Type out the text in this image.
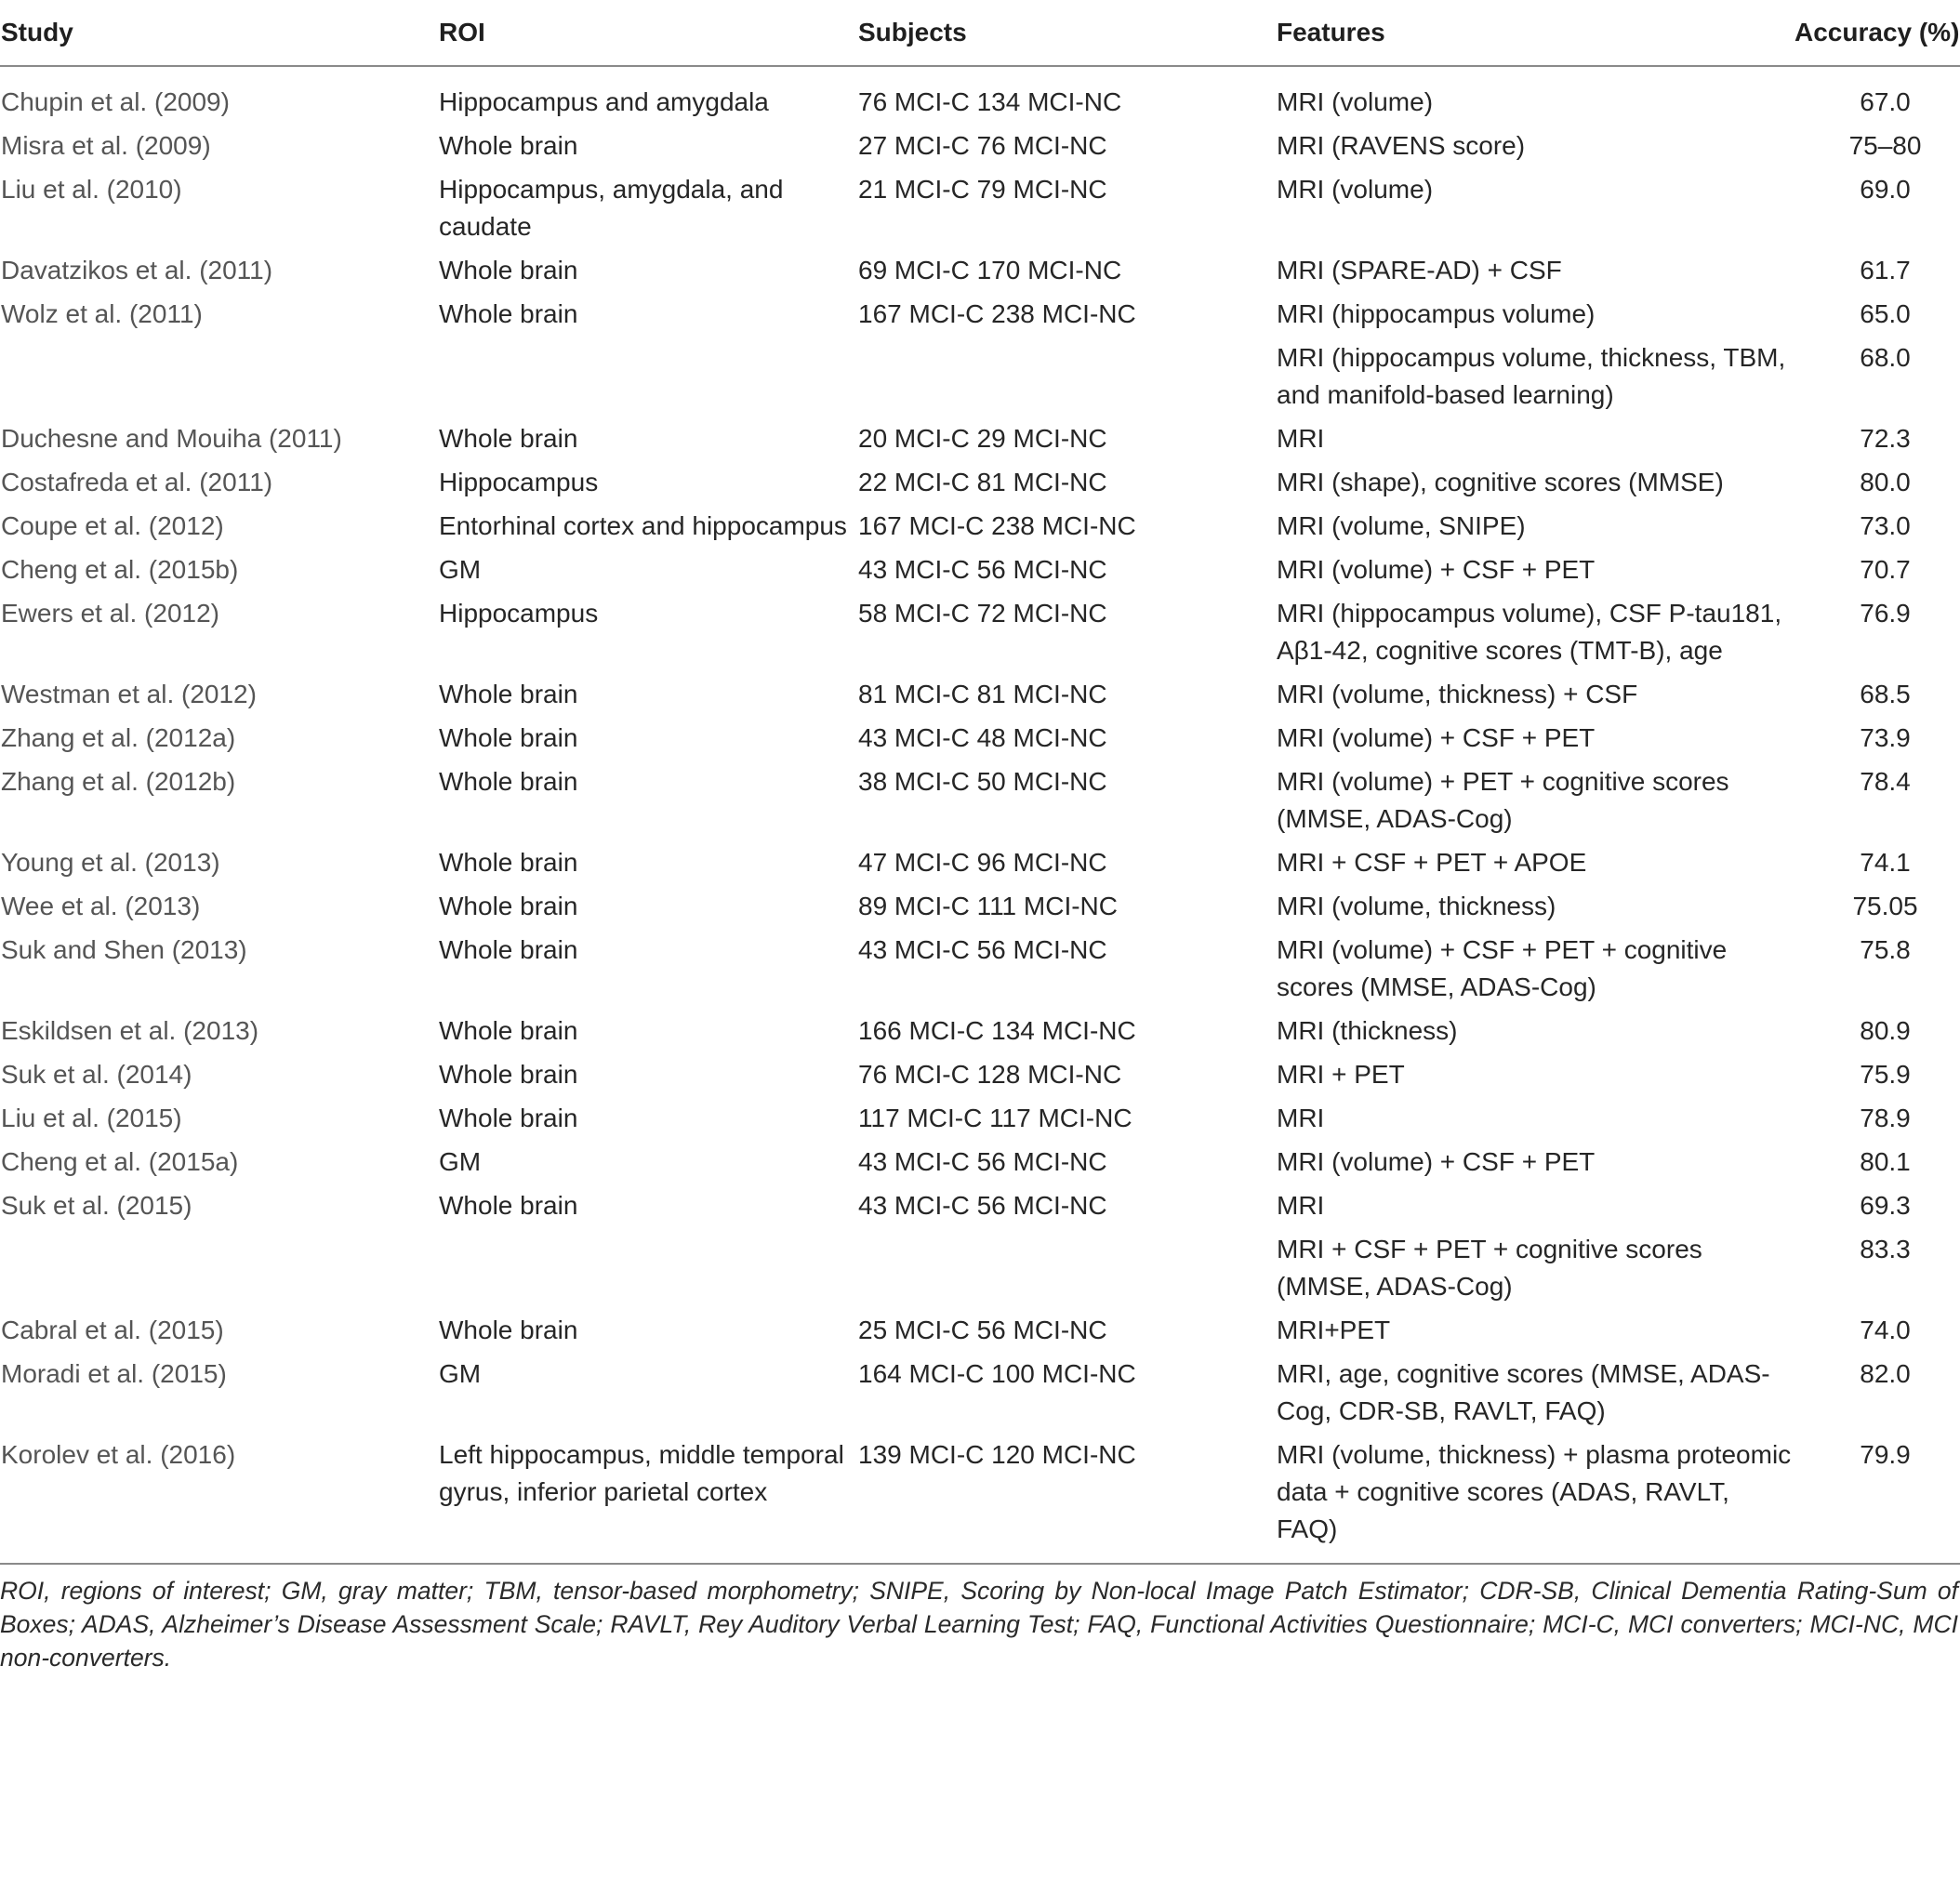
Study	ROI	Subjects	Features	Accuracy (%)
Chupin et al. (2009)	Hippocampus and amygdala	76 MCI-C 134 MCI-NC	MRI (volume)	67.0
Misra et al. (2009)	Whole brain	27 MCI-C 76 MCI-NC	MRI (RAVENS score)	75–80
Liu et al. (2010)	Hippocampus, amygdala, and caudate	21 MCI-C 79 MCI-NC	MRI (volume)	69.0
Davatzikos et al. (2011)	Whole brain	69 MCI-C 170 MCI-NC	MRI (SPARE-AD) + CSF	61.7
Wolz et al. (2011)	Whole brain	167 MCI-C 238 MCI-NC	MRI (hippocampus volume)	65.0
			MRI (hippocampus volume, thickness, TBM, and manifold-based learning)	68.0
Duchesne and Mouiha (2011)	Whole brain	20 MCI-C 29 MCI-NC	MRI	72.3
Costafreda et al. (2011)	Hippocampus	22 MCI-C 81 MCI-NC	MRI (shape), cognitive scores (MMSE)	80.0
Coupe et al. (2012)	Entorhinal cortex and hippocampus	167 MCI-C 238 MCI-NC	MRI (volume, SNIPE)	73.0
Cheng et al. (2015b)	GM	43 MCI-C 56 MCI-NC	MRI (volume) + CSF + PET	70.7
Ewers et al. (2012)	Hippocampus	58 MCI-C 72 MCI-NC	MRI (hippocampus volume), CSF P-tau181, Aβ1-42, cognitive scores (TMT-B), age	76.9
Westman et al. (2012)	Whole brain	81 MCI-C 81 MCI-NC	MRI (volume, thickness) + CSF	68.5
Zhang et al. (2012a)	Whole brain	43 MCI-C 48 MCI-NC	MRI (volume) + CSF + PET	73.9
Zhang et al. (2012b)	Whole brain	38 MCI-C 50 MCI-NC	MRI (volume) + PET + cognitive scores (MMSE, ADAS-Cog)	78.4
Young et al. (2013)	Whole brain	47 MCI-C 96 MCI-NC	MRI + CSF + PET + APOE	74.1
Wee et al. (2013)	Whole brain	89 MCI-C 111 MCI-NC	MRI (volume, thickness)	75.05
Suk and Shen (2013)	Whole brain	43 MCI-C 56 MCI-NC	MRI (volume) + CSF + PET + cognitive scores (MMSE, ADAS-Cog)	75.8
Eskildsen et al. (2013)	Whole brain	166 MCI-C 134 MCI-NC	MRI (thickness)	80.9
Suk et al. (2014)	Whole brain	76 MCI-C 128 MCI-NC	MRI + PET	75.9
Liu et al. (2015)	Whole brain	117 MCI-C 117 MCI-NC	MRI	78.9
Cheng et al. (2015a)	GM	43 MCI-C 56 MCI-NC	MRI (volume) + CSF + PET	80.1
Suk et al. (2015)	Whole brain	43 MCI-C 56 MCI-NC	MRI	69.3
			MRI + CSF + PET + cognitive scores (MMSE, ADAS-Cog)	83.3
Cabral et al. (2015)	Whole brain	25 MCI-C 56 MCI-NC	MRI+PET	74.0
Moradi et al. (2015)	GM	164 MCI-C 100 MCI-NC	MRI, age, cognitive scores (MMSE, ADAS-Cog, CDR-SB, RAVLT, FAQ)	82.0
Korolev et al. (2016)	Left hippocampus, middle temporal gyrus, inferior parietal cortex	139 MCI-C 120 MCI-NC	MRI (volume, thickness) + plasma proteomic data + cognitive scores (ADAS, RAVLT, FAQ)	79.9
ROI, regions of interest; GM, gray matter; TBM, tensor-based morphometry; SNIPE, Scoring by Non-local Image Patch Estimator; CDR-SB, Clinical Dementia Rating-Sum of Boxes; ADAS, Alzheimer’s Disease Assessment Scale; RAVLT, Rey Auditory Verbal Learning Test; FAQ, Functional Activities Questionnaire; MCI-C, MCI converters; MCI-NC, MCI non-converters.
